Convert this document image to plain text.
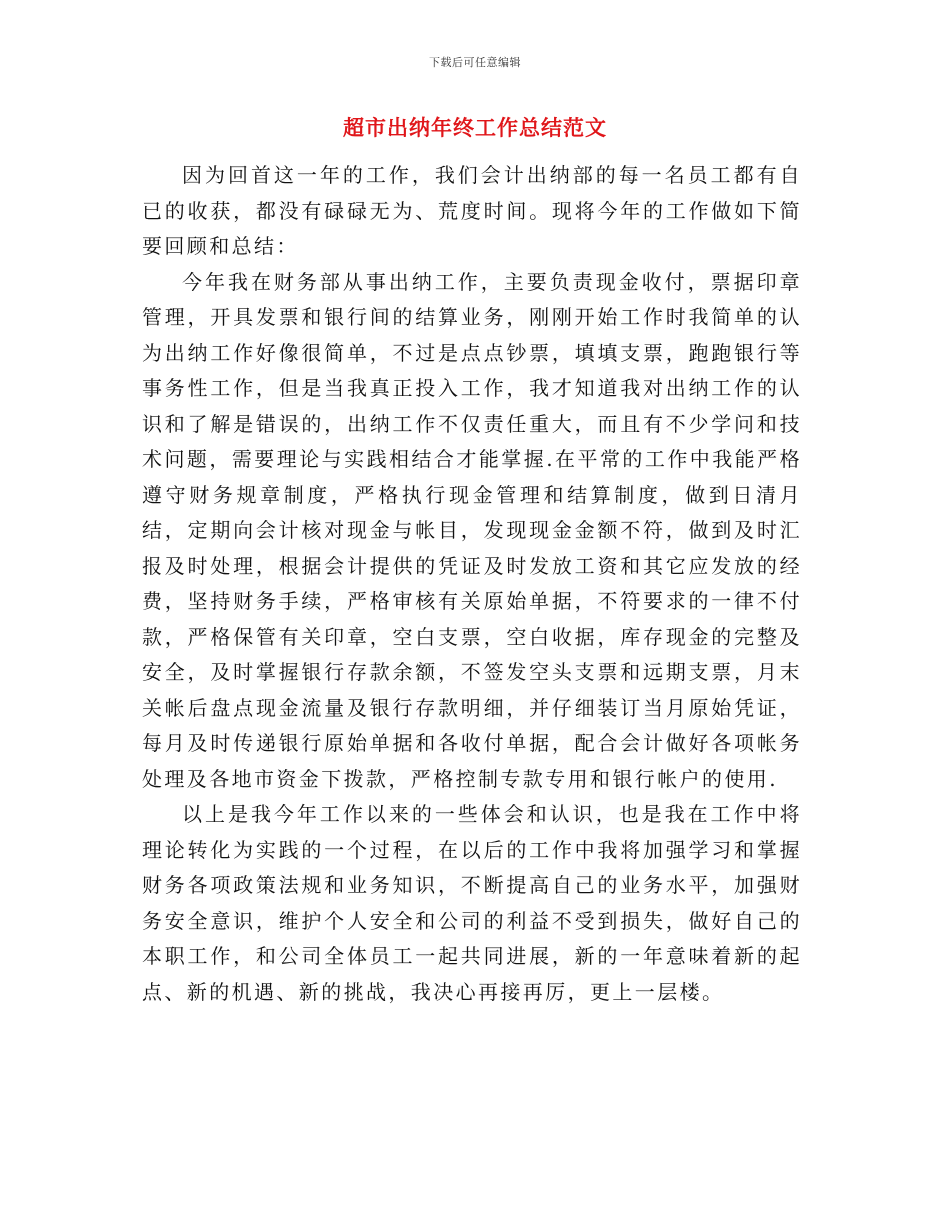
下载后可任意编辑
超市出纳年终工作总结范文

因为回首这一年的工作，我们会计出纳部的每一名员工都有自已的收获，都没有碌碌无为、荒度时间。现将今年的工作做如下简要回顾和总结：

今年我在财务部从事出纳工作，主要负责现金收付，票据印章管理，开具发票和银行间的结算业务，刚刚开始工作时我简单的认为出纳工作好像很简单，不过是点点钞票，填填支票，跑跑银行等事务性工作，但是当我真正投入工作，我才知道我对出纳工作的认识和了解是错误的，出纳工作不仅责任重大，而且有不少学问和技术问题，需要理论与实践相结合才能掌握.在平常的工作中我能严格遵守财务规章制度，严格执行现金管理和结算制度，做到日清月结，定期向会计核对现金与帐目，发现现金金额不符，做到及时汇报及时处理，根据会计提供的凭证及时发放工资和其它应发放的经费，坚持财务手续，严格审核有关原始单据，不符要求的一律不付款，严格保管有关印章，空白支票，空白收据，库存现金的完整及安全，及时掌握银行存款余额，不签发空头支票和远期支票，月末关帐后盘点现金流量及银行存款明细，并仔细装订当月原始凭证，每月及时传递银行原始单据和各收付单据，配合会计做好各项帐务处理及各地市资金下拨款，严格控制专款专用和银行帐户的使用.

以上是我今年工作以来的一些体会和认识，也是我在工作中将理论转化为实践的一个过程，在以后的工作中我将加强学习和掌握财务各项政策法规和业务知识，不断提高自己的业务水平，加强财务安全意识，维护个人安全和公司的利益不受到损失，做好自己的本职工作，和公司全体员工一起共同进展，新的一年意味着新的起点、新的机遇、新的挑战，我决心再接再厉，更上一层楼。
